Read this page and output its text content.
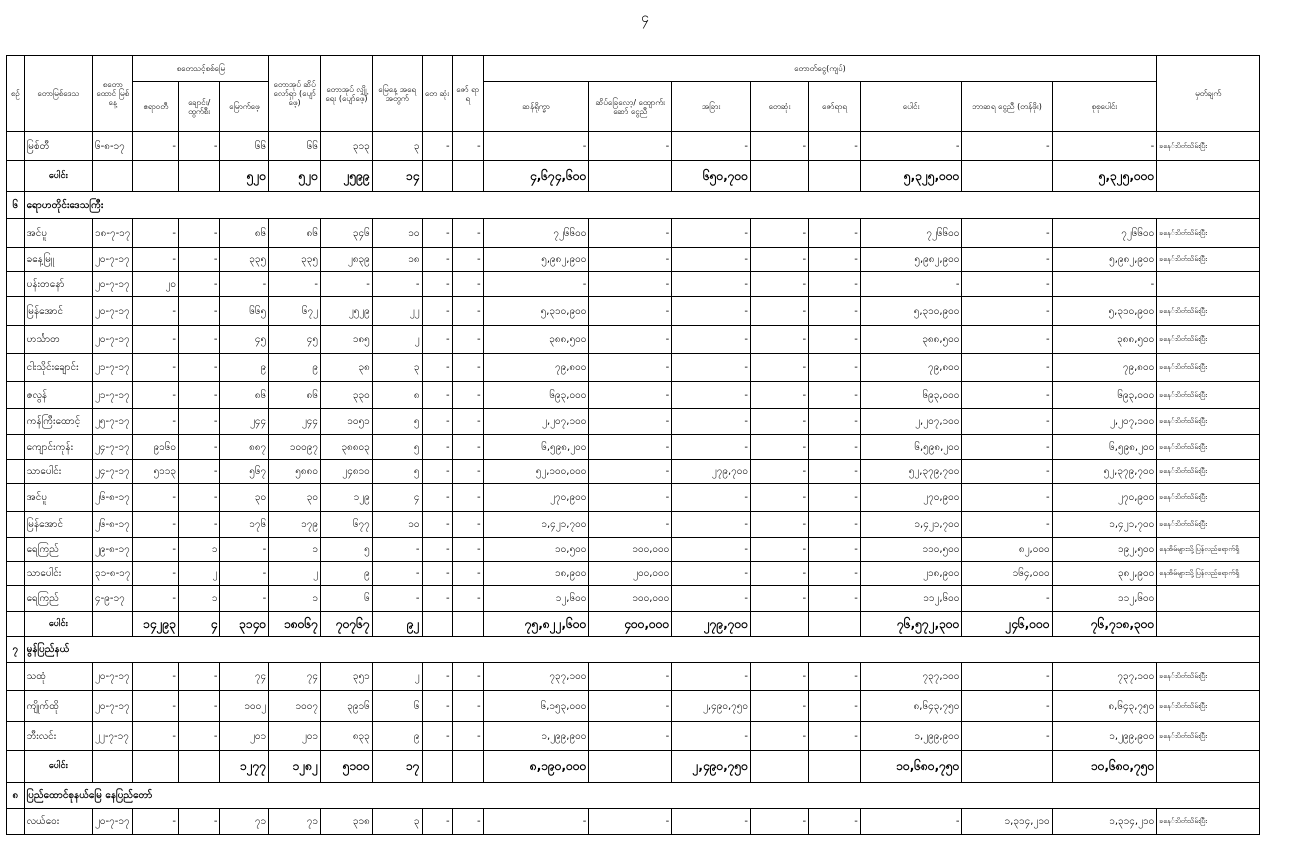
၄
စဉ်	တောမြစ်ဒေသ	စတော ထောင် မြစ်နေ့	စတေသင့်စစ်မြေ			တောအုပ် ဆိပ် လော်ရှာ (ပျော်ဖေ့)	တောအုပ် လျှို့ရေး (ပျော်ဖေ့)	မြေနေ့ အရေ အတွက်	တေ ဆုံး	ဇော် ရာ ရ	တောတ်ငွေ(ကျပ်)								မှတ်ချက်
			ဧရာဝတီ	ချောင်း/ ထွက်စီး	မြောက်ဖေ့						ဆန်ရိုက္ခာ	ဆိပ်ခြေလော့/ ထျောက်းဆော် ငွေညီ	အခြား	တေဆုံး	ဇော်ရာရ	ပေါင်း	ဘာဆရ ငွေညီ (တန်ဖိုး)	စုစုပေါင်း	
	မြစ်တီ	၆-၈-၁၇	-	-	၆၆	၆၆	၃၁၃	၃	-	-	-	-	-	-	-	-	-	-	ခနေ်းပိတ်သိမ်းပြီး
	ပေါင်း				၅၂၀	၅၂၀	၂၅၉၉	၁၄			၄,၆၇၄,၆၀၀		၆၅၀,၇၀၀			၅,၃၂၅,၀၀၀		၅,၃၂၅,၀၀၀	
၆	ရောဟတိုင်းဒေသကြီး																		
	အင်ပူ	၁၈-၇-၁၇	-	-	၈၆	၈၆	၃၄၆	၁၀	-	-	၇၂၆၆၀၀	-	-	-	-	၇၂၆၆၀၀	-	၇၂၆၆၀၀	ခနေ်းပိတ်သိမ်းပြီး
	ခနေ့မြူ	၂၀-၇-၁၇	-	-	၃၃၅	၃၃၅	၂၈၃၉	၁၈	-	-	၅,၉၈၂,၉၀၀	-	-	-	-	၅,၉၈၂,၉၀၀	-	၅,၉၈၂,၉၀၀	ခနေ်းပိတ်သိမ်းပြီး
	ပန်းတနော်	၂၀-၇-၁၇	၂၀	-	-	-	-	-	-	-	-	-	-	-	-	-	-	-	
	မြန်အောင်	၂၀-၇-၁၇	-	-	၆၆၅	၆၇၂	၂၅၂၉	၂၂	-	-	၅,၃၁၀,၉၀၀	-	-	-	-	၅,၃၁၀,၉၀၀	-	၅,၃၁၀,၉၀၀	ခနေ်းပိတ်သိမ်းပြီး
	ဟင်္သာတ	၂၀-၇-၁၇	-	-	၄၅	၄၅	၁၈၅	၂	-	-	၃၈၈,၅၀၀	-	-	-	-	၃၈၈,၅၀၀	-	၃၈၈,၅၀၀	ခနေ်းပိတ်သိမ်းပြီး
	ငါးသိုင်းချောင်း	၂၁-၇-၁၇	-	-	၉	၉	၃၈	၃	-	-	၇၉,၈၀၀	-	-	-	-	၇၉,၈၀၀	-	၇၉,၈၀၀	ခနေ်းပိတ်သိမ်းပြီး
	ဇလွန်	၂၁-၇-၁၇	-	-	၈၆	၈၆	၃၃၀	၈	-	-	၆၉၃,၀၀၀	-	-	-	-	၆၉၃,၀၀၀	-	၆၉၃,၀၀၀	ခနေ်းပိတ်သိမ်းပြီး
	ကန်ကြီးထောင့်	၂၅-၇-၁၇	-	-	၂၄၄	၂၄၄	၁၀၅၁	၅	-	-	၂,၂၀၇,၁၀၀	-	-	-	-	၂,၂၀၇,၁၀၀	-	၂,၂၀၇,၁၀၀	ခနေ်းပိတ်သိမ်းပြီး
	ကျောင်းကုန်း	၂၄-၇-၁၇	၉၁၆၀	-	၈၈၇	၁၀၀၉၇	၃၈၈၀၃	၅	-	-	၆,၅၉၈,၂၀၀	-	-	-	-	၆,၅၉၈,၂၀၀	-	၆,၅၉၈,၂၀၀	ခနေ်းပိတ်သိမ်းပြီး
	သာပေါင်း	၂၄-၇-၁၇	၅၁၁၃	-	၅၆၇	၅၈၈၀	၂၄၈၁၀	၅	-	-	၅၂,၁၀၀,၀၀၀	-	၂၇၉,၇၀၀	-	-	၅၂,၃၇၉,၇၀၀	-	၅၂,၃၇၉,၇၀၀	ခနေ်းပိတ်သိမ်းပြီး
	အင်ပူ	၂၆-၈-၁၇	-	-	၃၀	၃၀	၁၂၉	၄	-	-	၂၇၀,၉၀၀	-	-	-	-	၂၇၀,၉၀၀	-	၂၇၀,၉၀၀	ခနေ်းပိတ်သိမ်းပြီး
	မြန်အောင်	၂၆-၈-၁၇	-	-	၁၇၆	၁၇၉	၆၇၇	၁၀	-	-	၁,၄၂၁,၇၀၀	-	-	-	-	၁,၄၂၁,၇၀၀	-	၁,၄၂၁,၇၀၀	ခနေ်းပိတ်သိမ်းပြီး
	ရေကြည်	၂၉-၈-၁၇	-	၁	-	၁	၅	-	-	-	၁၀,၅၀၀	၁၀၀,၀၀၀	-	-	-	၁၁၀,၅၀၀	၈၂,၀၀၀	၁၉၂,၅၀၀	နေအိမ်များသို့ပြန်လည်ရောက်ရှိ
	သာပေါင်း	၃၁-၈-၁၇	-	၂	-	၂	၉	-	-	-	၁၈,၉၀၀	၂၀၀,၀၀၀	-	-	-	၂၁၈,၉၀၀	၁၆၄,၀၀၀	၃၈၂,၉၀၀	နေအိမ်များသို့ပြန်လည်ရောက်ရှိ
	ရေကြည်	၄-၉-၁၇	-	၁	-	၁	၆	-	-	-	၁၂,၆၀၀	၁၀၀,၀၀၀	-	-	-	၁၁၂,၆၀၀	-	၁၁၂,၆၀၀	
	ပေါင်း		၁၄၂၉၃	၄	၃၁၄၀	၁၈၀၆၇	၇၀၇၆၇	၉၂			၇၅,၈၂၂,၆၀၀	၄၀၀,၀၀၀	၂၇၉,၇၀၀			၇၆,၅၇၂,၃၀၀	၂၄၆,၀၀၀	၇၆,၇၁၈,၃၀၀	
၇	မွန်ပြည်နယ်																		
	သထုံ	၂၀-၇-၁၇	-	-	၇၄	၇၄	၃၅၁	၂	-	-	၇၃၇,၁၀၀	-	-	-	-	၇၃၇,၁၀၀	-	၇၃၇,၁၀၀	ခနေ်းပိတ်သိမ်းပြီး
	ကျိုက်ထို	၂၀-၇-၁၇	-	-	၁၀၀၂	၁၀၀၇	၃၉၁၆	၆	-	-	၆,၁၅၃,၀၀၀	-	၂,၄၉၀,၇၅၀	-	-	၈,၆၄၃,၇၅၀	-	၈,၆၄၃,၇၅၀	ခနေ်းပိတ်သိမ်းပြီး
	ဘီးလင်း	၂၂-၇-၁၇	-	-	၂၀၁	၂၀၁	၈၃၃	၉	-	-	၁,၂၉၉,၉၀၀	-	-	-	-	၁,၂၉၉,၉၀၀	-	၁,၂၉၉,၉၀၀	ခနေ်းပိတ်သိမ်းပြီး
	ပေါင်း				၁၂၇၇	၁၂၈၂	၅၁၀၀	၁၇			၈,၁၉၀,၀၀၀		၂,၄၉၀,၇၅၀			၁၀,၆၈၀,၇၅၀		၁၀,၆၈၀,၇၅၀	
၈	ပြည်ထောင်စုနယ်မြေ နေပြည်တော်																		
	လယ်ဝေး	၂၀-၇-၁၇	-	-	၇၁	၇၁	၃၁၈	၃	-	-	-	-	-	-	-	-	၁,၃၁၄,၂၁၀	၁,၃၁၄,၂၁၀	ခနေ်းပိတ်သိမ်းပြီး
